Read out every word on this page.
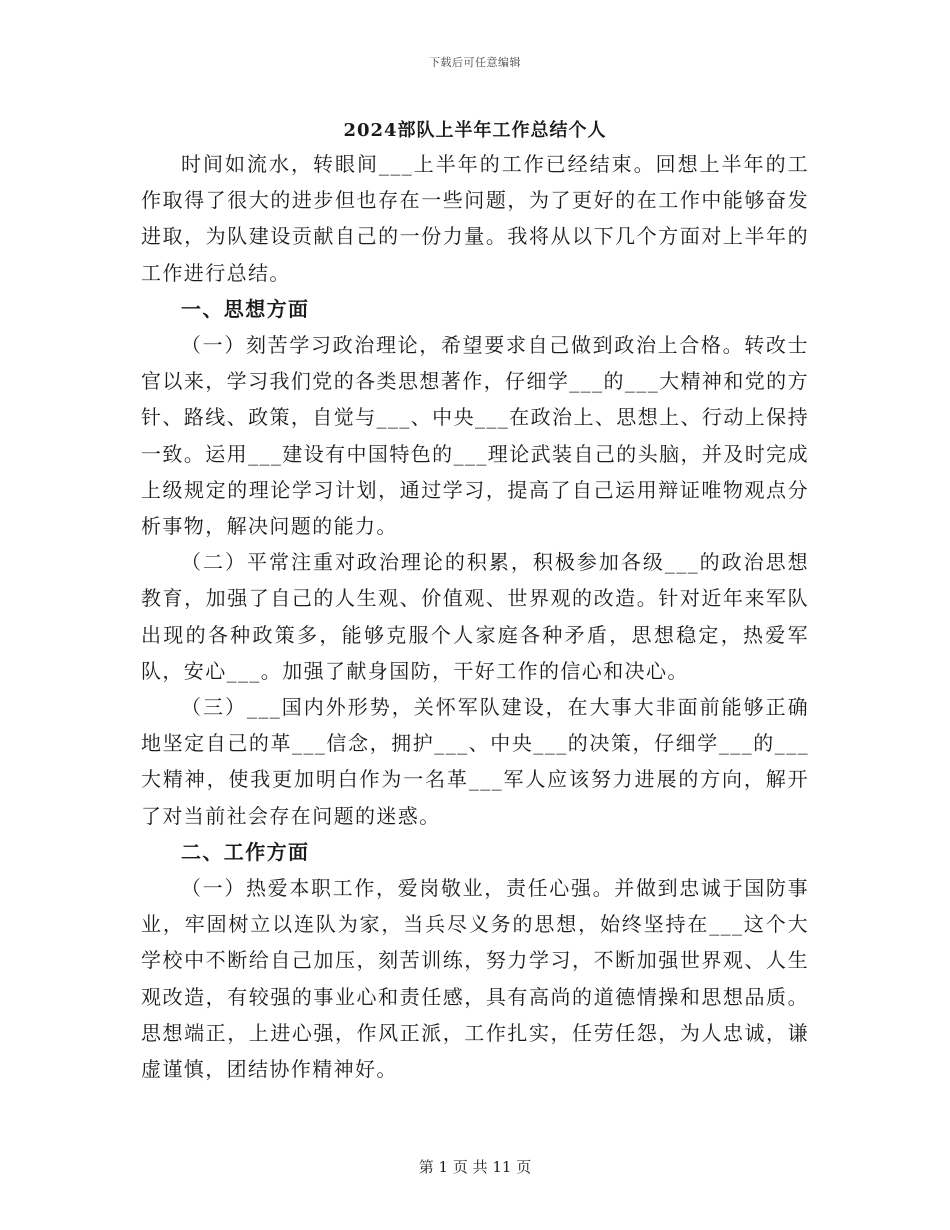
下载后可任意编辑
2024部队上半年工作总结个人

时间如流水，转眼间___上半年的工作已经结束。回想上半年的工作取得了很大的进步但也存在一些问题，为了更好的在工作中能够奋发进取，为队建设贡献自己的一份力量。我将从以下几个方面对上半年的工作进行总结。

一、思想方面

（一）刻苦学习政治理论，希望要求自己做到政治上合格。转改士官以来，学习我们党的各类思想著作，仔细学___的___大精神和党的方针、路线、政策，自觉与___、中央___在政治上、思想上、行动上保持一致。运用___建设有中国特色的___理论武装自己的头脑，并及时完成上级规定的理论学习计划，通过学习，提高了自己运用辩证唯物观点分析事物，解决问题的能力。

（二）平常注重对政治理论的积累，积极参加各级___的政治思想教育，加强了自己的人生观、价值观、世界观的改造。针对近年来军队出现的各种政策多，能够克服个人家庭各种矛盾，思想稳定，热爱军队，安心___。加强了献身国防，干好工作的信心和决心。

（三）___国内外形势，关怀军队建设，在大事大非面前能够正确地坚定自己的革___信念，拥护___、中央___的决策，仔细学___的___大精神，使我更加明白作为一名革___军人应该努力进展的方向，解开了对当前社会存在问题的迷惑。

二、工作方面

（一）热爱本职工作，爱岗敬业，责任心强。并做到忠诚于国防事业，牢固树立以连队为家，当兵尽义务的思想，始终坚持在___这个大学校中不断给自己加压，刻苦训练，努力学习，不断加强世界观、人生观改造，有较强的事业心和责任感，具有高尚的道德情操和思想品质。思想端正，上进心强，作风正派，工作扎实，任劳任怨，为人忠诚，谦虚谨慎，团结协作精神好。

第 1 页 共 11 页
